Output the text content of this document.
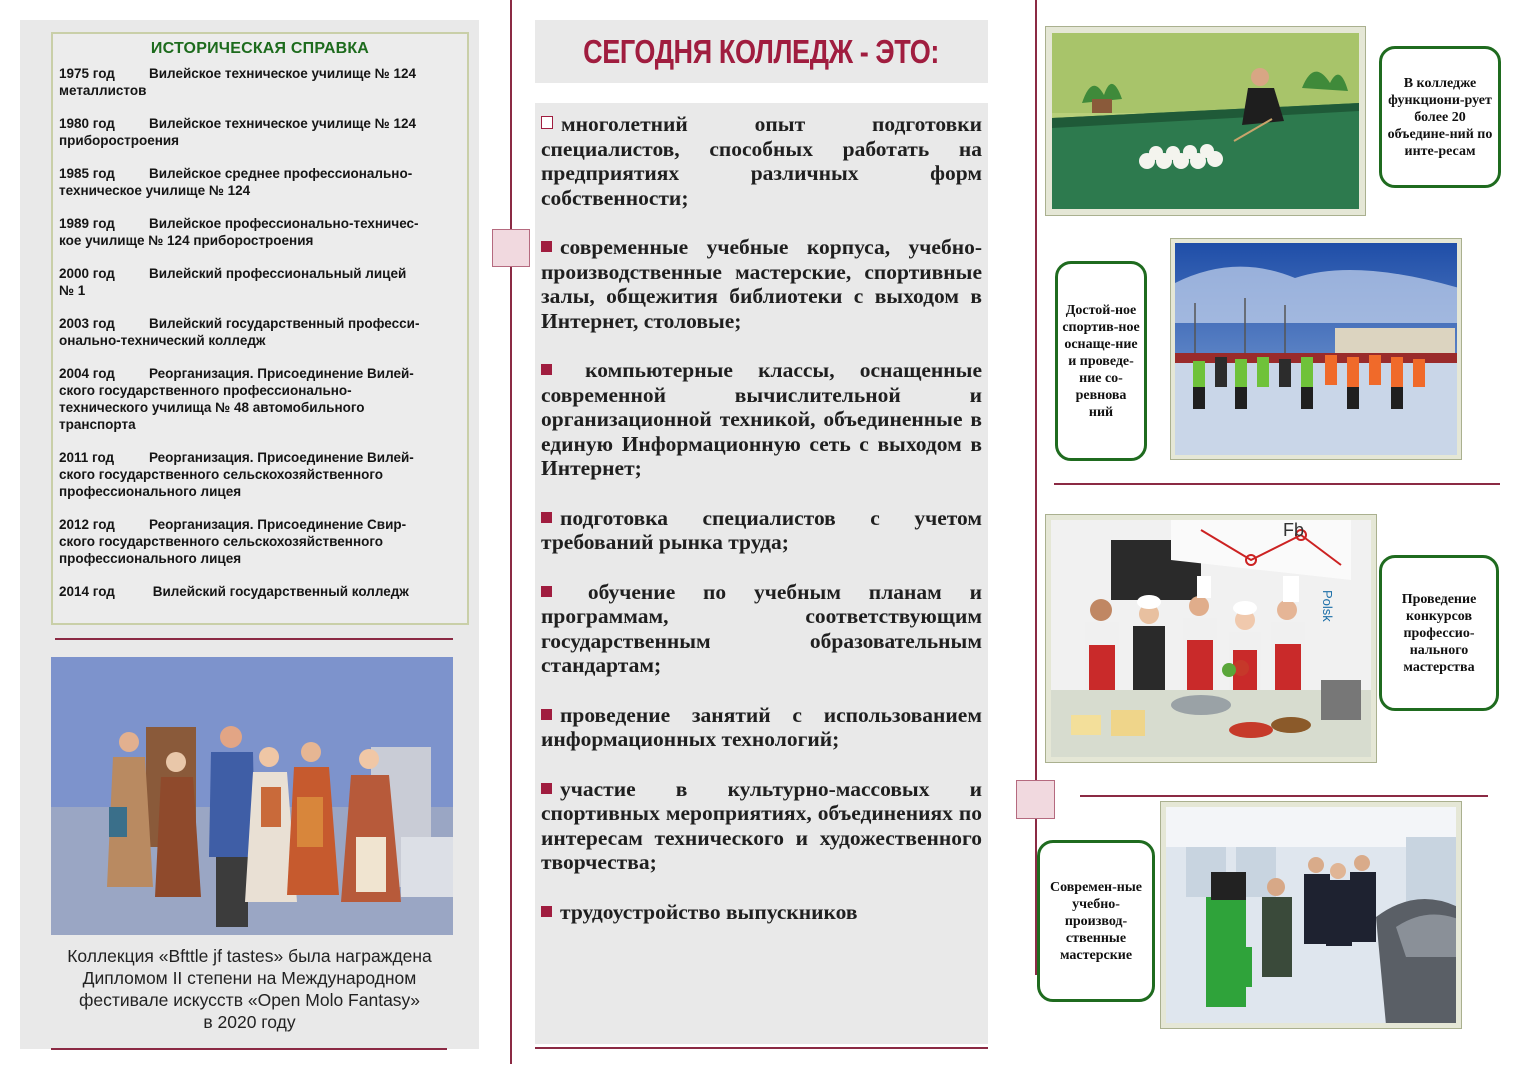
ИСТОРИЧЕСКАЯ СПРАВКА
1975 год	Вилейское техническое училище № 124
металлистов
1980 год	Вилейское техническое училище № 124
приборостроения
1985 год	Вилейское среднее профессионально-
техническое училище № 124
1989 год	Вилейское профессионально-техничес-
кое училище № 124 приборостроения
2000 год	Вилейский профессиональный лицей
№ 1
2003 год	Вилейский государственный професси-
онально-технический колледж
2004 год	Реорганизация. Присоединение Вилей-
ского государственного профессионально-
технического училища № 48 автомобильного
транспорта
2011 год	Реорганизация. Присоединение Вилей-
ского государственного сельскохозяйственного
профессионального лицея
2012 год	Реорганизация. Присоединение Свир-
ского государственного сельскохозяйственного
профессионального лицея
2014 год	Вилейский государственный колледж
Коллекция «Bfttle jf tastes» была награждена
Дипломом II степени на Международном
фестивале искусств «Open Molo Fantasy»
в 2020 году
СЕГОДНЯ КОЛЛЕДЖ - ЭТО:
многолетний опыт подготовки специалистов, способных работать на предприятиях различных форм собственности;
современные учебные корпуса, учебно-производственные мастерские, спортивные залы, общежития библиотеки с выходом в Интернет, столовые;
компьютерные классы, оснащенные современной вычислительной и организационной техникой, объединенные в единую Информационную сеть с выходом в Интернет;
подготовка специалистов с учетом требований рынка труда;
обучение по учебным планам и программам, соответствующим государственным образовательным стандартам;
проведение занятий с использованием информационных технологий;
участие в культурно-массовых и спортивных мероприятиях, объединениях по интересам технического и художественного творчества;
трудоустройство выпускников
В колледже функциони-рует более 20 объедине-ний по инте-ресам
Достой-ное спортив-ное оснаще-ние и проведе-ние со-ревнова ний
Fb
Polsk	Проведение конкурсов профессио-нального мастерства
Современ-ные учебно-производ-ственные мастерские
